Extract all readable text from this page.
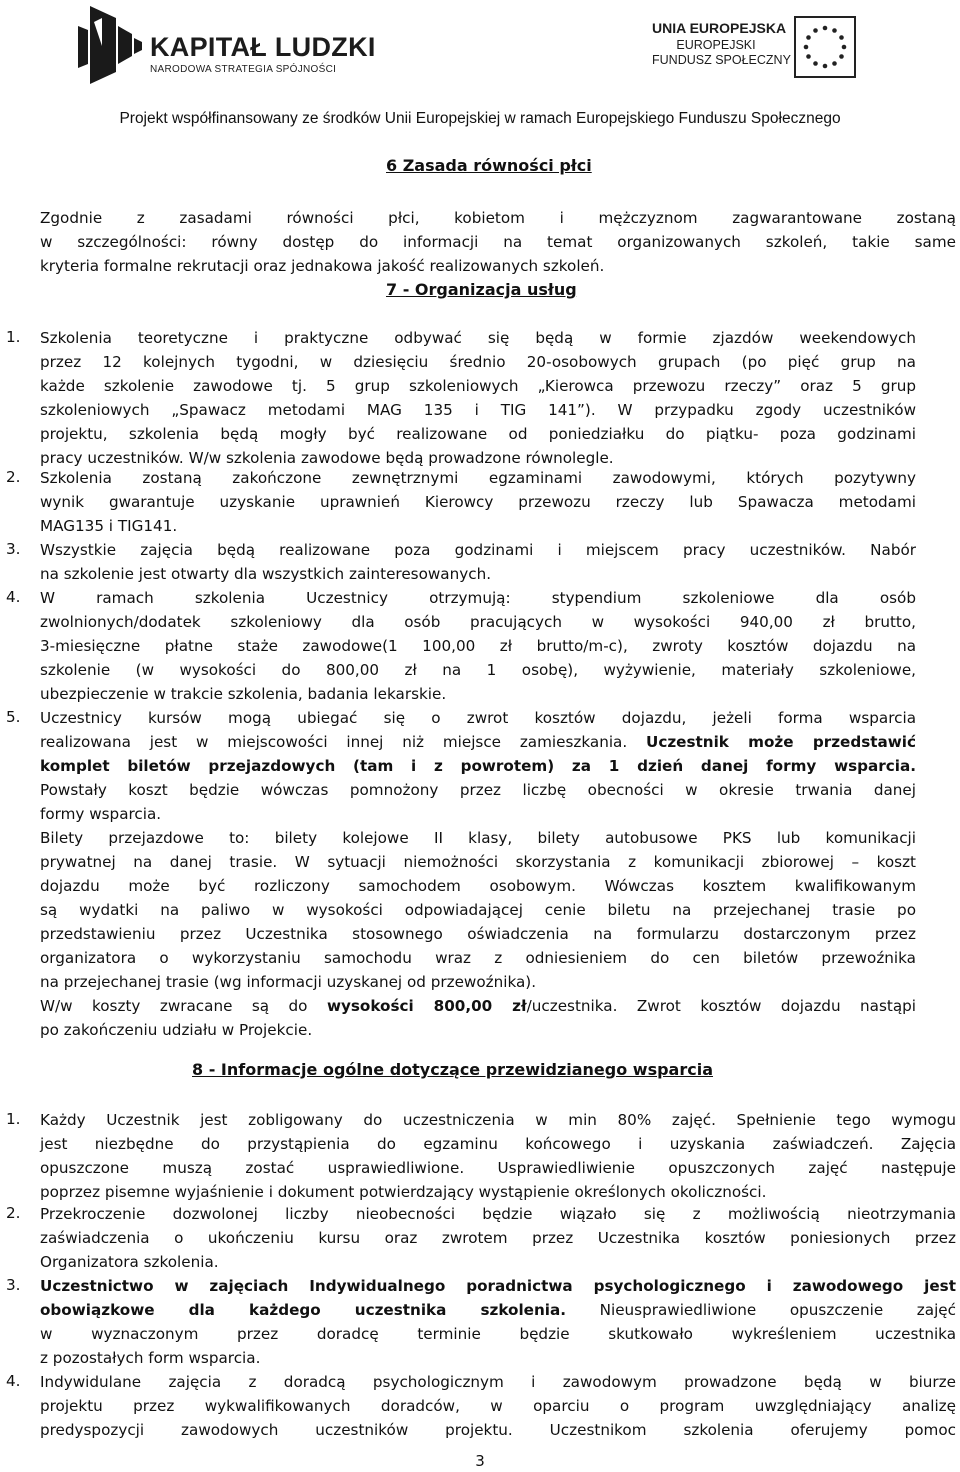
KAPITAŁ LUDZKI
NARODOWA STRATEGIA SPÓJNOŚCI
UNIA EUROPEJSKA
EUROPEJSKI
FUNDUSZ SPOŁECZNY
Projekt współfinansowany ze środków Unii Europejskiej w ramach Europejskiego Funduszu Społecznego
6 Zasada równości płci
Zgodnie z zasadami równości płci, kobietom i mężczyznom zagwarantowane zostaną
w szczególności: równy dostęp do informacji na temat organizowanych szkoleń, takie same
kryteria formalne rekrutacji oraz jednakowa jakość realizowanych szkoleń.
7 - Organizacja usług
1. Szkolenia teoretyczne i praktyczne odbywać się będą w formie zjazdów weekendowych
przez 12 kolejnych tygodni, w dziesięciu średnio 20-osobowych grupach (po pięć grup na
każde szkolenie zawodowe tj. 5 grup szkoleniowych „Kierowca przewozu rzeczy” oraz 5 grup
szkoleniowych „Spawacz metodami MAG 135 i TIG 141”). W przypadku zgody uczestników
projektu, szkolenia będą mogły być realizowane od poniedziałku do piątku- poza godzinami
pracy uczestników. W/w szkolenia zawodowe będą prowadzone równolegle.
2. Szkolenia zostaną zakończone zewnętrznymi egzaminami zawodowymi, których pozytywny
wynik gwarantuje uzyskanie uprawnień Kierowcy przewozu rzeczy lub Spawacza metodami
MAG135 i TIG141.
3. Wszystkie zajęcia będą realizowane poza godzinami i miejscem pracy uczestników. Nabór
na szkolenie jest otwarty dla wszystkich zainteresowanych.
4. W ramach szkolenia Uczestnicy otrzymują: stypendium szkoleniowe dla osób
zwolnionych/dodatek szkoleniowy dla osób pracujących w wysokości 940,00 zł brutto,
3-miesięczne płatne staże zawodowe(1 100,00 zł brutto/m-c), zwroty kosztów dojazdu na
szkolenie (w wysokości do 800,00 zł na 1 osobę), wyżywienie, materiały szkoleniowe,
ubezpieczenie w trakcie szkolenia, badania lekarskie.
5. Uczestnicy kursów mogą ubiegać się o zwrot kosztów dojazdu, jeżeli forma wsparcia
realizowana jest w miejscowości innej niż miejsce zamieszkania. Uczestnik może przedstawić
komplet biletów przejazdowych (tam i z powrotem) za 1 dzień danej formy wsparcia.
Powstały koszt będzie wówczas pomnożony przez liczbę obecności w okresie trwania danej
formy wsparcia.
Bilety przejazdowe to: bilety kolejowe II klasy, bilety autobusowe PKS lub komunikacji
prywatnej na danej trasie. W sytuacji niemożności skorzystania z komunikacji zbiorowej – koszt
dojazdu może być rozliczony samochodem osobowym. Wówczas kosztem kwalifikowanym
są wydatki na paliwo w wysokości odpowiadającej cenie biletu na przejechanej trasie po
przedstawieniu przez Uczestnika stosownego oświadczenia na formularzu dostarczonym przez
organizatora o wykorzystaniu samochodu wraz z odniesieniem do cen biletów przewoźnika
na przejechanej trasie (wg informacji uzyskanej od przewoźnika).
W/w koszty zwracane są do wysokości 800,00 zł/uczestnika. Zwrot kosztów dojazdu nastąpi
po zakończeniu udziału w Projekcie.
8 - Informacje ogólne dotyczące przewidzianego wsparcia
1. Każdy Uczestnik jest zobligowany do uczestniczenia w min 80% zajęć. Spełnienie tego wymogu
jest niezbędne do przystąpienia do egzaminu końcowego i uzyskania zaświadczeń. Zajęcia
opuszczone muszą zostać usprawiedliwione. Usprawiedliwienie opuszczonych zajęć następuje
poprzez pisemne wyjaśnienie i dokument potwierdzający wystąpienie określonych okoliczności.
2. Przekroczenie dozwolonej liczby nieobecności będzie wiązało się z możliwością nieotrzymania
zaświadczenia o ukończeniu kursu oraz zwrotem przez Uczestnika kosztów poniesionych przez
Organizatora szkolenia.
3. Uczestnictwo w zajęciach Indywidualnego poradnictwa psychologicznego i zawodowego jest
obowiązkowe dla każdego uczestnika szkolenia. Nieusprawiedliwione opuszczenie zajęć
w wyznaczonym przez doradcę terminie będzie skutkowało wykreśleniem uczestnika
z pozostałych form wsparcia.
4. Indywidulane zajęcia z doradcą psychologicznym i zawodowym prowadzone będą w biurze
projektu przez wykwalifikowanych doradców, w oparciu o program uwzględniający analizę
predyspozycji zawodowych uczestników projektu. Uczestnikom szkolenia oferujemy pomoc
3
